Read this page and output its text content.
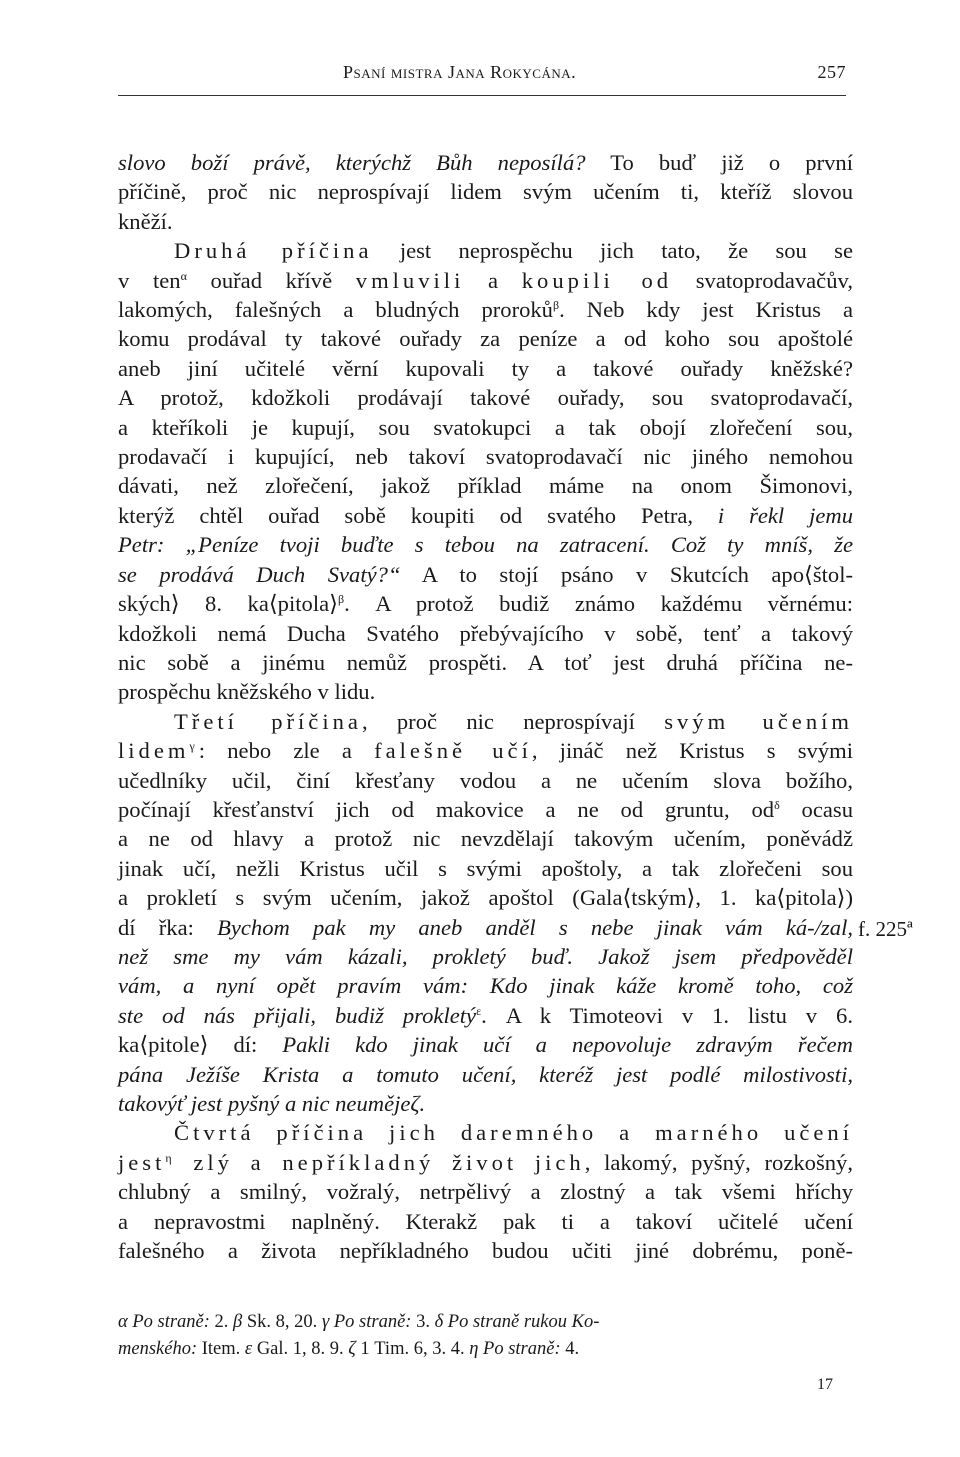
Psaní mistra Jana Rokycána.	257
slovo boží právě, kterýchž Bůh neposílá? To buď již o první
příčině, proč nic neprospívají lidem svým učením ti, kteříž slovou
kněží.
Druhá příčina jest neprospěchu jich tato, že sou se
v ten$^\alpha$ ouřad křívě vmluvili a koupili od svatoprodavačův,
lakomých, falešných a bludných proroků$^\beta$. Neb kdy jest Kristus a
komu prodával ty takové ouřady za peníze a od koho sou apoštolé
aneb jiní učitelé věrní kupovali ty a takové ouřady kněžské?
A protož, kdožkoli prodávají takové ouřady, sou svatoprodavačí,
a kteříkoli je kupují, sou svatokupci a tak obojí zlořečení sou,
prodavačí i kupující, neb takoví svatoprodavačí nic jiného nemohou
dávati, než zlořečení, jakož příklad máme na onom Šimonovi,
kterýž chtěl ouřad sobě koupiti od svatého Petra, i řekl jemu
Petr: „Peníze tvoji buďte s tebou na zatracení. Což ty mníš, že
se prodává Duch Svatý?“ A to stojí psáno v Skutcích apo⟨štol-
ských⟩ 8. ka⟨pitola⟩$^\beta$. A protož budiž známo každému věrnému:
kdožkoli nemá Ducha Svatého přebývajícího v sobě, tenť a takový
nic sobě a jinému nemůž prospěti. A toť jest druhá příčina ne-
prospěchu kněžského v lidu.
Třetí příčina, proč nic neprospívají svým učením
lidem$^\gamma$: nebo zle a falešně učí, jináč než Kristus s svými
učedlníky učil, činí křesťany vodou a ne učením slova božího,
počínají křesťanství jich od makovice a ne od gruntu, $od^\delta$ ocasu
a ne od hlavy a protož nic nevzdělají takovým učením, poněvádž
jinak učí, nežli Kristus učil s svými apoštoly, a tak zlořečeni sou
a prokletí s svým učením, jakož apoštol (Gala⟨tským⟩, 1. ka⟨pitola⟩)
dí řka: Bychom pak my aneb anděl s nebe jinak vám ká-/zal,
než sme my vám kázali, prokletý buď. Jakož jsem předpověděl
vám, a nyní opět pravím vám: Kdo jinak káže kromě toho, což
ste od nás přijali, budiž prokletý$^\varepsilon$. A k Timoteovi v 1. listu v 6.
ka⟨pitole⟩ dí: Pakli kdo jinak učí a nepovoluje zdravým řečem
pána Ježíše Krista a tomuto učení, kteréž jest podlé milostivosti,
takovýť jest pyšný a nic neumějeζ.
Čtvrtá příčina jich daremného a marného učení
jest$^\eta$ zlý a nepříkladný život jich, lakomý, pyšný, rozkošný,
chlubný a smilný, vožralý, netrpělivý a zlostný a tak všemi hříchy
a nepravostmi naplněný. Kterakž pak ti a takoví učitelé učení
falešného a života nepříkladného budou učiti jiné dobrému, poně-
f. 225ª
α Po straně: 2. β Sk. 8, 20. γ Po straně: 3. δ Po straně rukou Ko-
menského: Item. ε Gal. 1, 8. 9. ζ 1 Tim. 6, 3. 4. η Po straně: 4.
17
